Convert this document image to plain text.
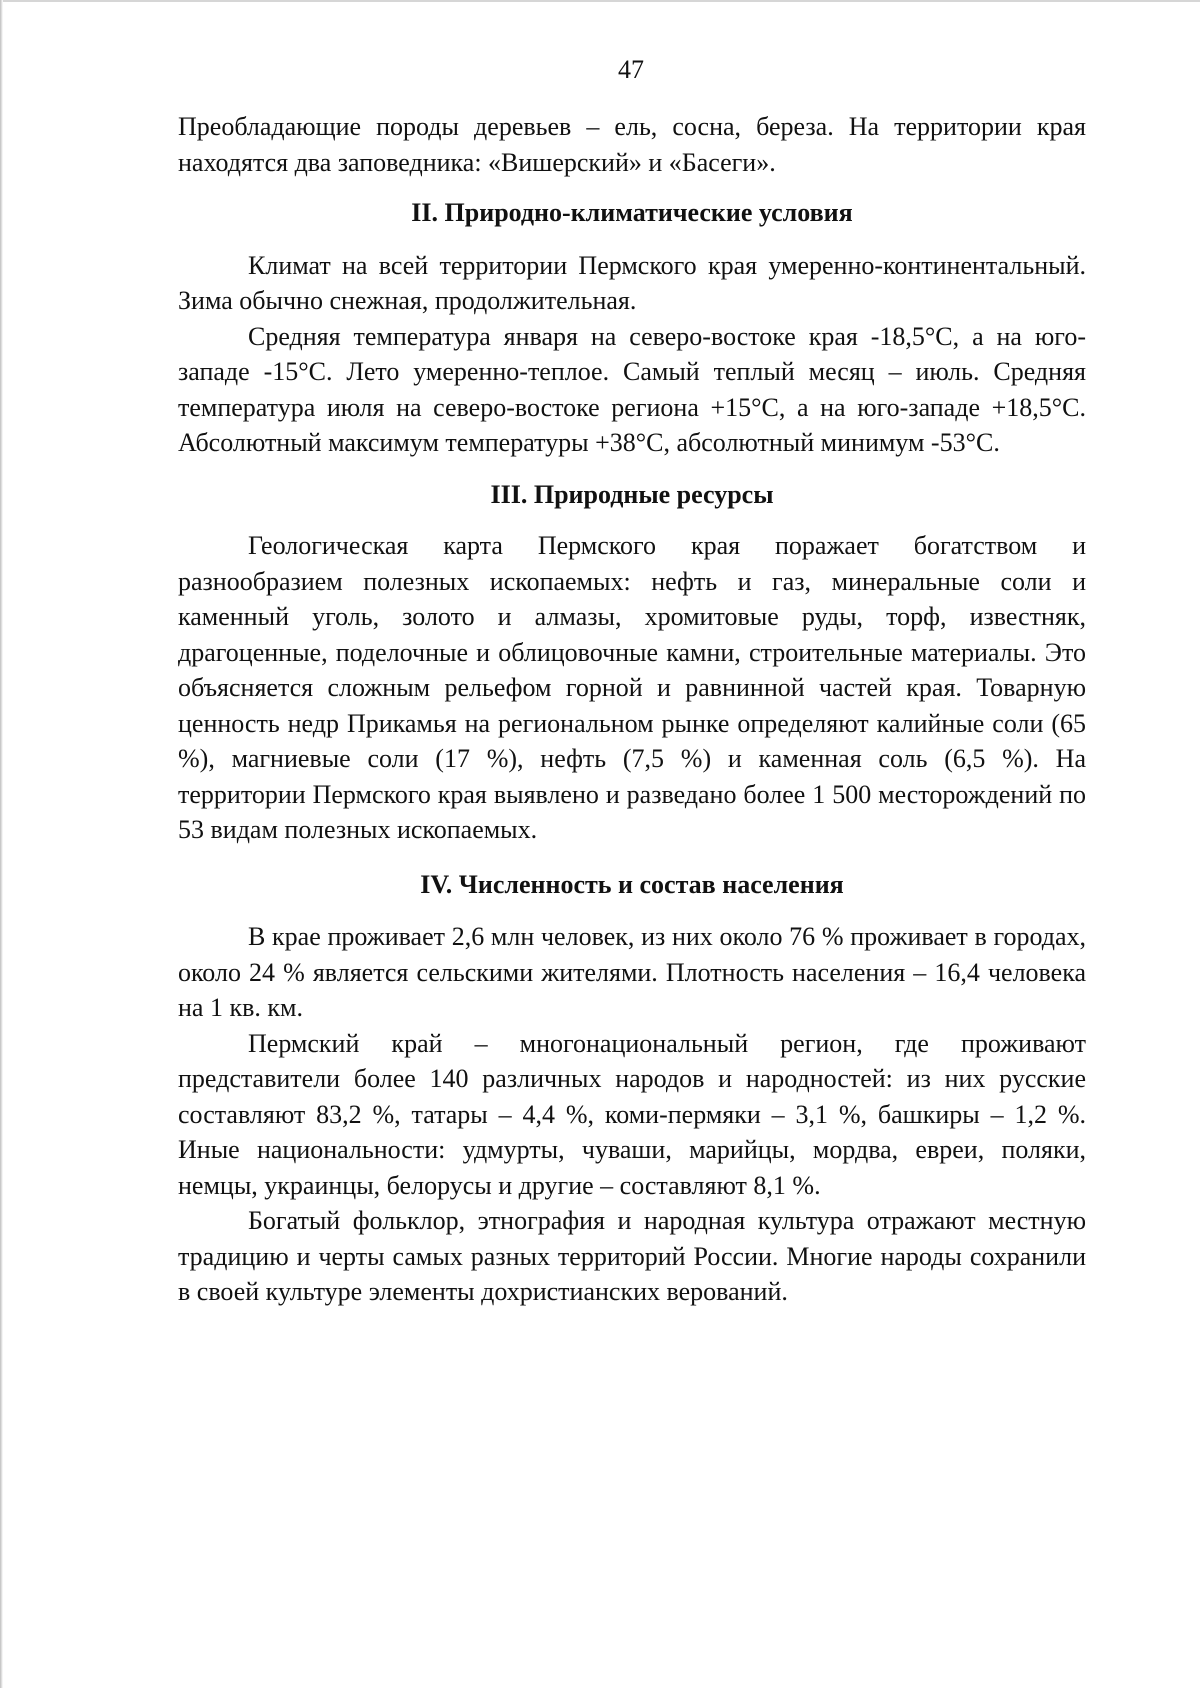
47

Преобладающие породы деревьев – ель, сосна, береза. На территории края находятся два заповедника: «Вишерский» и «Басеги».

II. Природно-климатические условия

Климат на всей территории Пермского края умеренно-континентальный. Зима обычно снежная, продолжительная.

Средняя температура января на северо-востоке края -18,5°С, а на юго-западе -15°С. Лето умеренно-теплое. Самый теплый месяц – июль. Средняя температура июля на северо-востоке региона +15°С, а на юго-западе +18,5°С. Абсолютный максимум температуры +38°С, абсолютный минимум -53°С.

III. Природные ресурсы

Геологическая карта Пермского края поражает богатством и разнообразием полезных ископаемых: нефть и газ, минеральные соли и каменный уголь, золото и алмазы, хромитовые руды, торф, известняк, драгоценные, поделочные и облицовочные камни, строительные материалы. Это объясняется сложным рельефом горной и равнинной частей края. Товарную ценность недр Прикамья на региональном рынке определяют калийные соли (65 %), магниевые соли (17 %), нефть (7,5 %) и каменная соль (6,5 %). На территории Пермского края выявлено и разведано более 1 500 месторождений по 53 видам полезных ископаемых.

IV. Численность и состав населения

В крае проживает 2,6 млн человек, из них около 76 % проживает в городах, около 24 % является сельскими жителями. Плотность населения – 16,4 человека на 1 кв. км.

Пермский край – многонациональный регион, где проживают представители более 140 различных народов и народностей: из них русские составляют 83,2 %, татары – 4,4 %, коми-пермяки – 3,1 %, башкиры – 1,2 %. Иные национальности: удмурты, чуваши, марийцы, мордва, евреи, поляки, немцы, украинцы, белорусы и другие – составляют 8,1 %.

Богатый фольклор, этнография и народная культура отражают местную традицию и черты самых разных территорий России. Многие народы сохранили в своей культуре элементы дохристианских верований.
